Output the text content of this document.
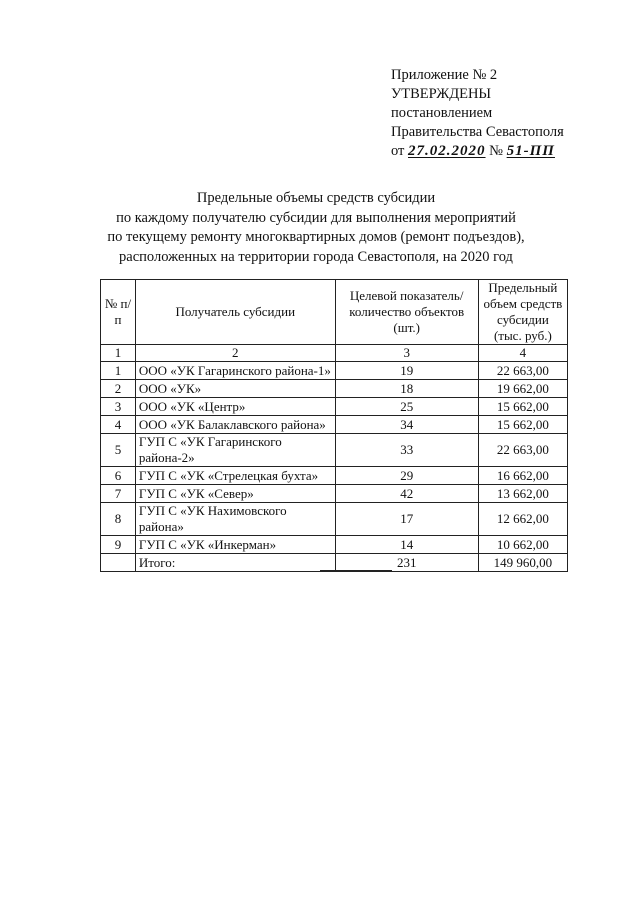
Приложение № 2
УТВЕРЖДЕНЫ
постановлением
Правительства Севастополя
от 27.02.2020 № 51-ПП
Предельные объемы средств субсидии
по каждому получателю субсидии для выполнения мероприятий
по текущему ремонту многоквартирных домов (ремонт подъездов),
расположенных на территории города Севастополя, на 2020 год
№ п/п	Получатель субсидии	Целевой показатель/количество объектов (шт.)	Предельный объем средств субсидии (тыс. руб.)
1	2	3	4
1	ООО «УК Гагаринского района-1»	19	22 663,00
2	ООО «УК»	18	19 662,00
3	ООО «УК «Центр»	25	15 662,00
4	ООО «УК Балаклавского района»	34	15 662,00
5	ГУП С «УК Гагаринского района-2»	33	22 663,00
6	ГУП С «УК «Стрелецкая бухта»	29	16 662,00
7	ГУП С «УК «Север»	42	13 662,00
8	ГУП С «УК Нахимовского района»	17	12 662,00
9	ГУП С «УК «Инкерман»	14	10 662,00
	Итого:	231	149 960,00
